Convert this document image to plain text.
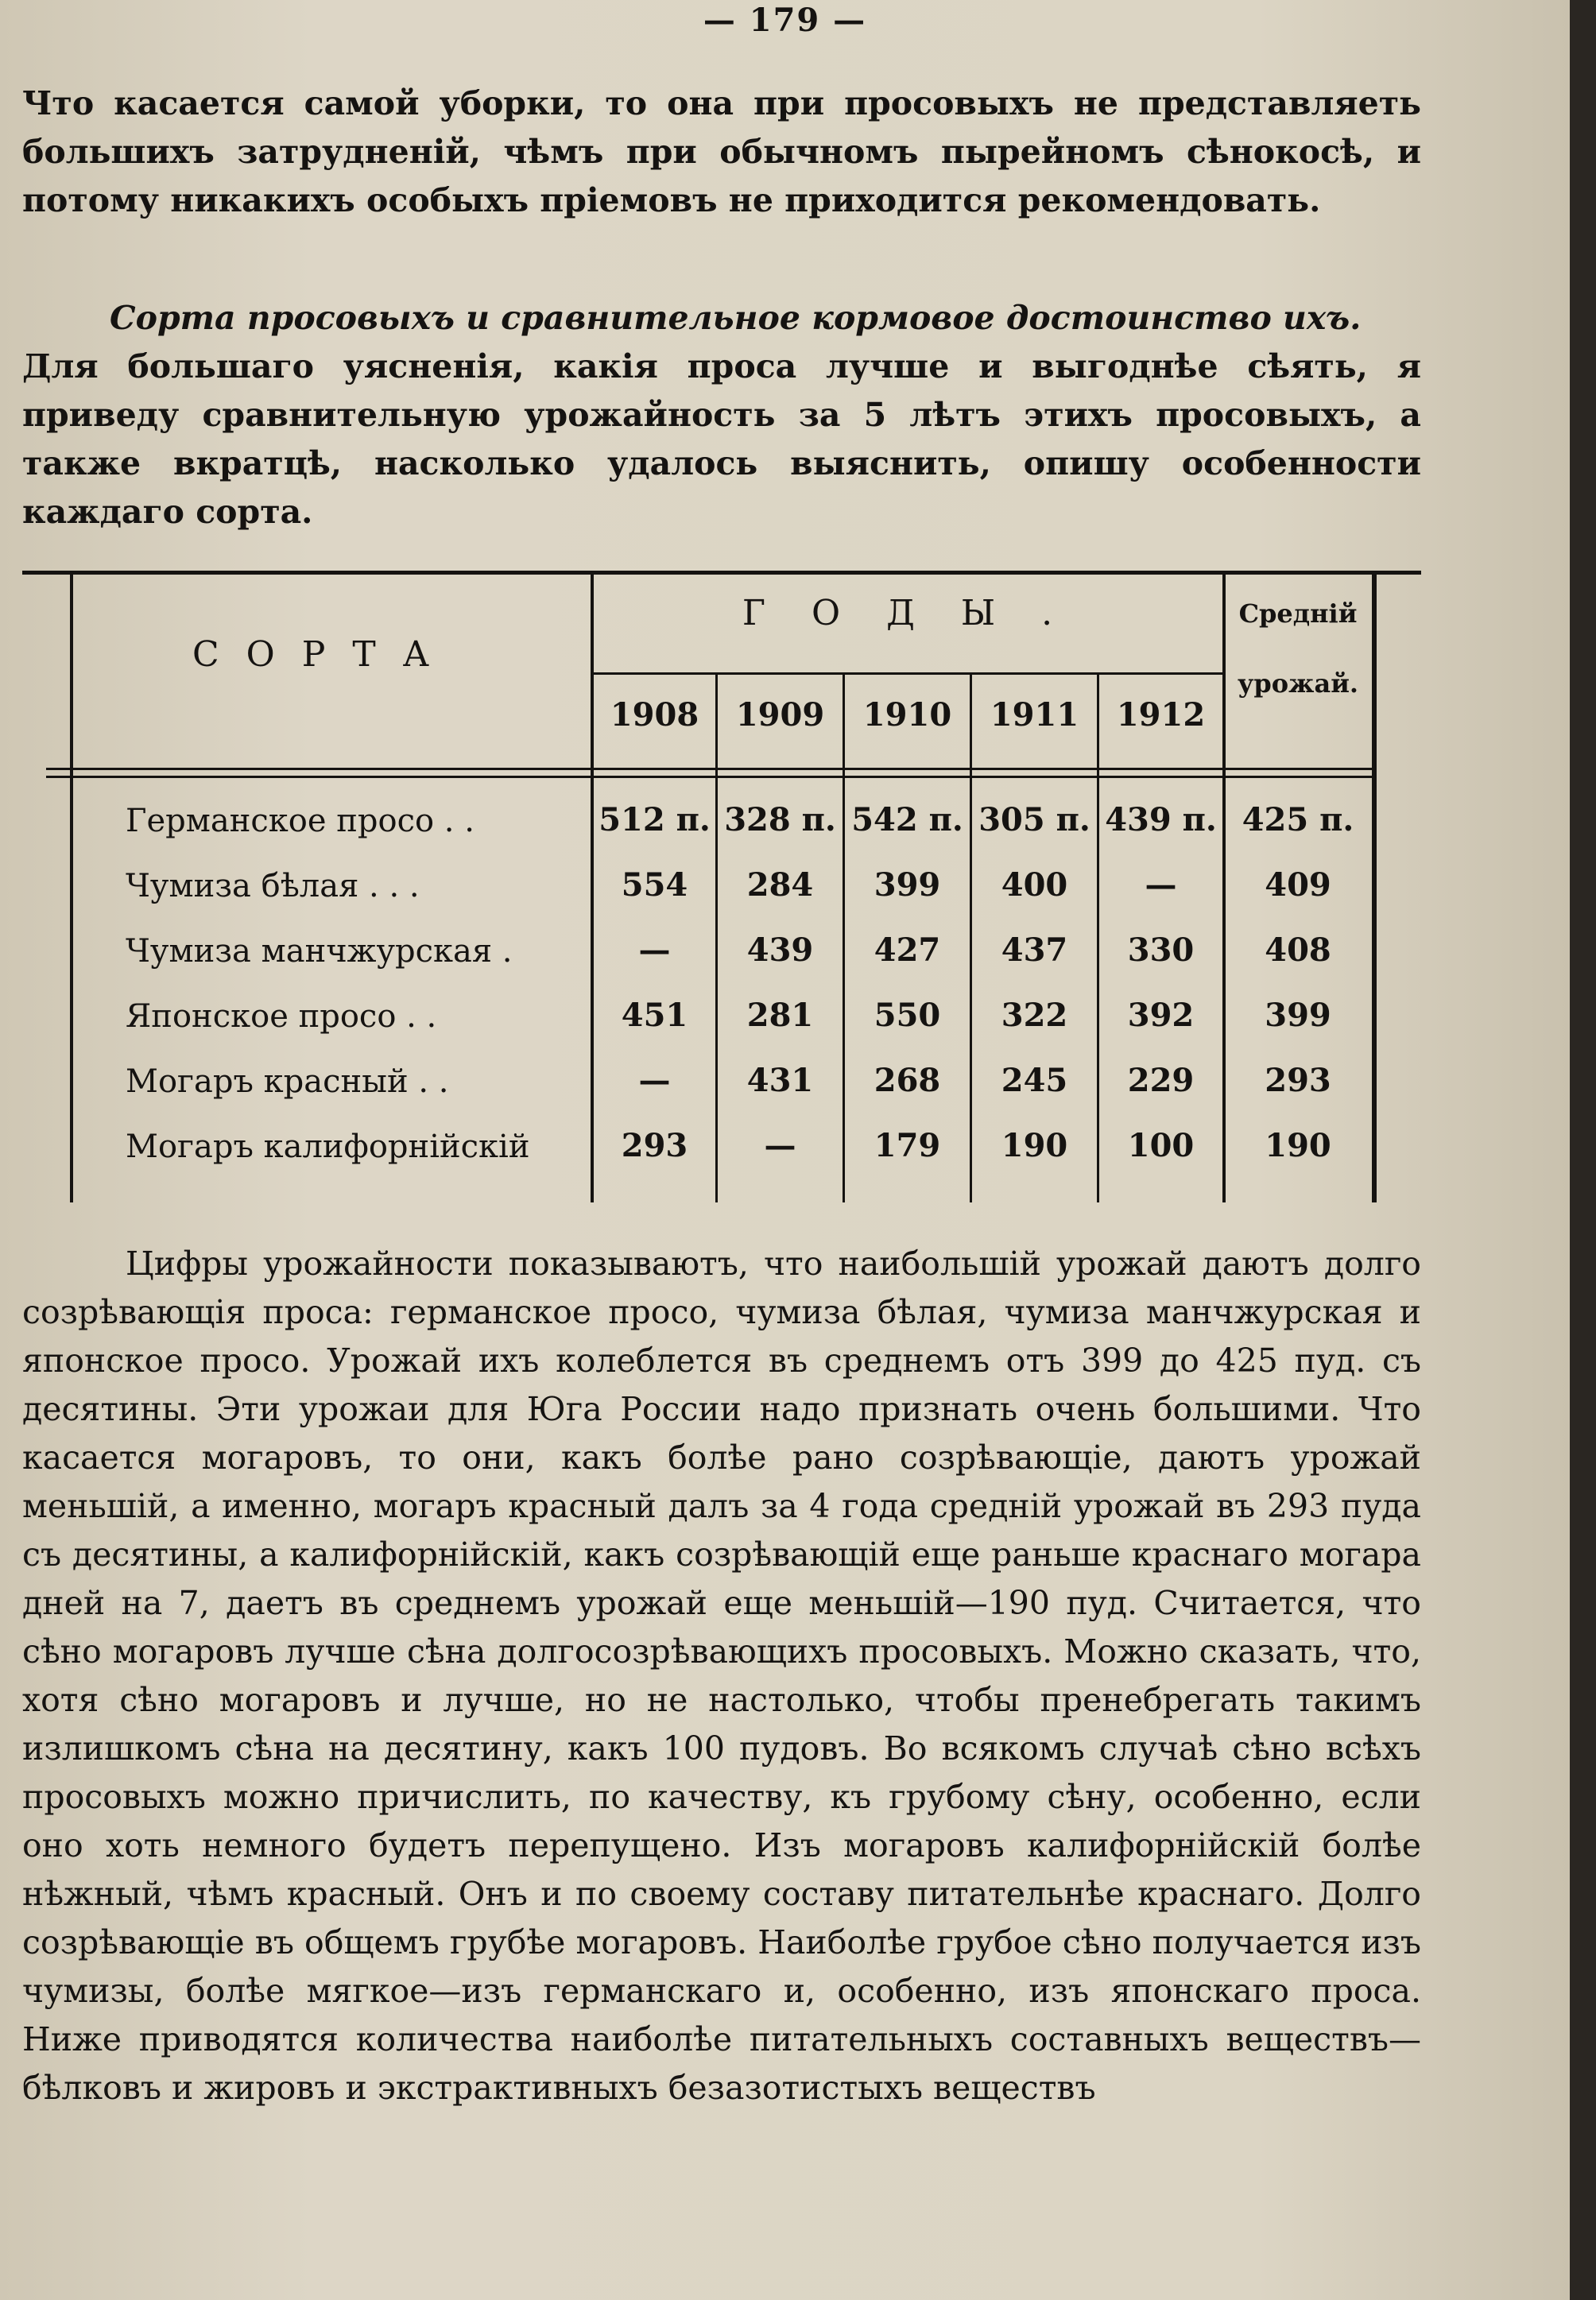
— 179 —

Что касается самой уборки, то она при просовыхъ не представляеть большихъ затрудненій, чѣмъ при обычномъ пырейномъ сѣнокосѣ, и потому никакихъ особыхъ пріемовъ не приходится рекомендовать.

Сорта просовыхъ и сравнительное кормовое достоинство ихъ.

Для большаго уясненія, какія проса лучше и выгоднѣе сѣять, я приведу сравнительную урожайность за 5 лѣтъ этихъ просовыхъ, а также вкратцѣ, насколько удалось выяснить, опишу особенности каждаго сорта.

СОРТА
ГОДЫ.	Среднiй
урожай.
1908	1909	1910	1911	1912
Германское просо . .	512 п. 328 п. 542 п. 305 п. 439 п. 425 п.
Чумиза бѣлая . . .	554	284	399	400	—	409
Чумиза манчжурская .	—	439	427	437	330	408
Японское просо . .	451	281	550	322	392	399
Могаръ красный . .	—	431	268	245	229	293
Могаръ калифорнiйскiй	293	—	179	190	100	190

Цифры урожайности показываютъ, что наибольшій урожай даютъ долго созрѣвающія проса: германское просо, чумиза бѣлая, чумиза манчжурская и японское просо. Урожай ихъ колеблется въ среднемъ отъ 399 до 425 пуд. съ десятины. Эти урожаи для Юга России надо признать очень большими. Что касается могаровъ, то они, какъ болѣе рано созрѣвающіе, даютъ урожай меньшій, а именно, могаръ красный далъ за 4 года средній урожай въ 293 пуда съ десятины, а калифорнійскій, какъ созрѣвающій еще раньше краснаго могара дней на 7, даетъ въ среднемъ урожай еще меньшій—190 пуд. Считается, что сѣно могаровъ лучше сѣна долгосозрѣвающихъ просовыхъ. Можно сказать, что, хотя сѣно могаровъ и лучше, но не настолько, чтобы пренебрегать такимъ излишкомъ сѣна на десятину, какъ 100 пудовъ. Во всякомъ случаѣ сѣно всѣхъ просовыхъ можно причислить, по качеству, къ грубому сѣну, особенно, если оно хоть немного будетъ перепущено. Изъ могаровъ калифорнійскій болѣе нѣжный, чѣмъ красный. Онъ и по своему составу питательнѣе краснаго. Долго созрѣвающіе въ общемъ грубѣе могаровъ. Наиболѣе грубое сѣно получается изъ чумизы, болѣе мягкое—изъ германскаго и, особенно, изъ японскаго проса. Ниже приводятся количества наиболѣе питательныхъ составныхъ веществъ— бѣлковъ и жировъ и экстрактивныхъ безазотистыхъ веществъ
